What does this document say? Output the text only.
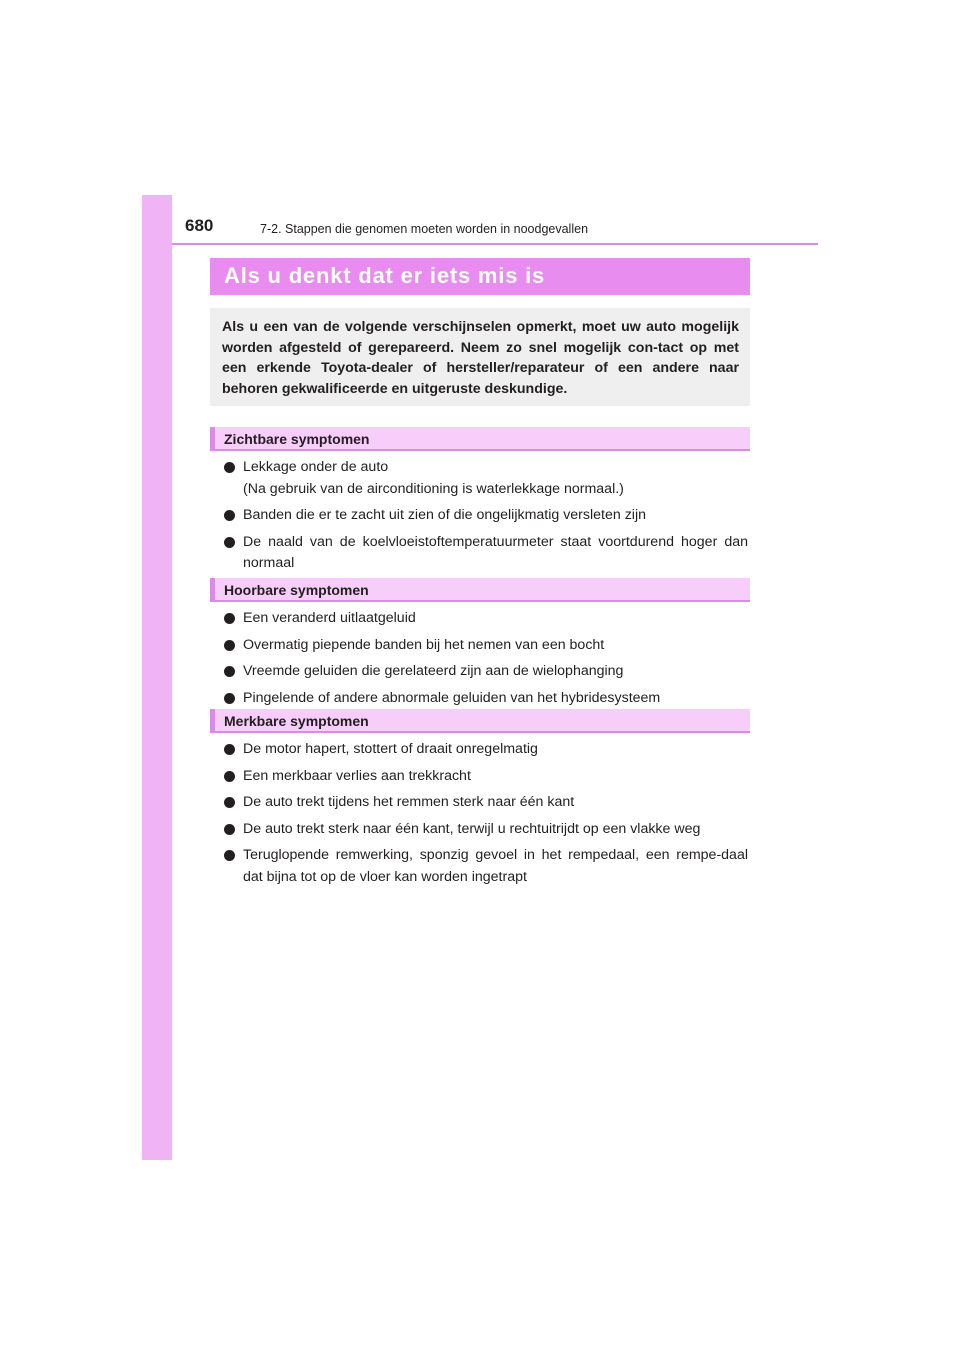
680	7-2. Stappen die genomen moeten worden in noodgevallen
Als u denkt dat er iets mis is

Als u een van de volgende verschijnselen opmerkt, moet uw auto mogelijk worden afgesteld of gerepareerd. Neem zo snel mogelijk con-tact op met een erkende Toyota-dealer of hersteller/reparateur of een andere naar behoren gekwalificeerde en uitgeruste deskundige.

Zichtbare symptomen
Lekkage onder de auto
(Na gebruik van de airconditioning is waterlekkage normaal.)
Banden die er te zacht uit zien of die ongelijkmatig versleten zijn
De naald van de koelvloeistoftemperatuurmeter staat voortdurend hoger dan normaal
Hoorbare symptomen
Een veranderd uitlaatgeluid
Overmatig piepende banden bij het nemen van een bocht
Vreemde geluiden die gerelateerd zijn aan de wielophanging
Pingelende of andere abnormale geluiden van het hybridesysteem
Merkbare symptomen
De motor hapert, stottert of draait onregelmatig
Een merkbaar verlies aan trekkracht
De auto trekt tijdens het remmen sterk naar één kant
De auto trekt sterk naar één kant, terwijl u rechtuitrijdt op een vlakke weg
Teruglopende remwerking, sponzig gevoel in het rempedaal, een rempe-daal dat bijna tot op de vloer kan worden ingetrapt
